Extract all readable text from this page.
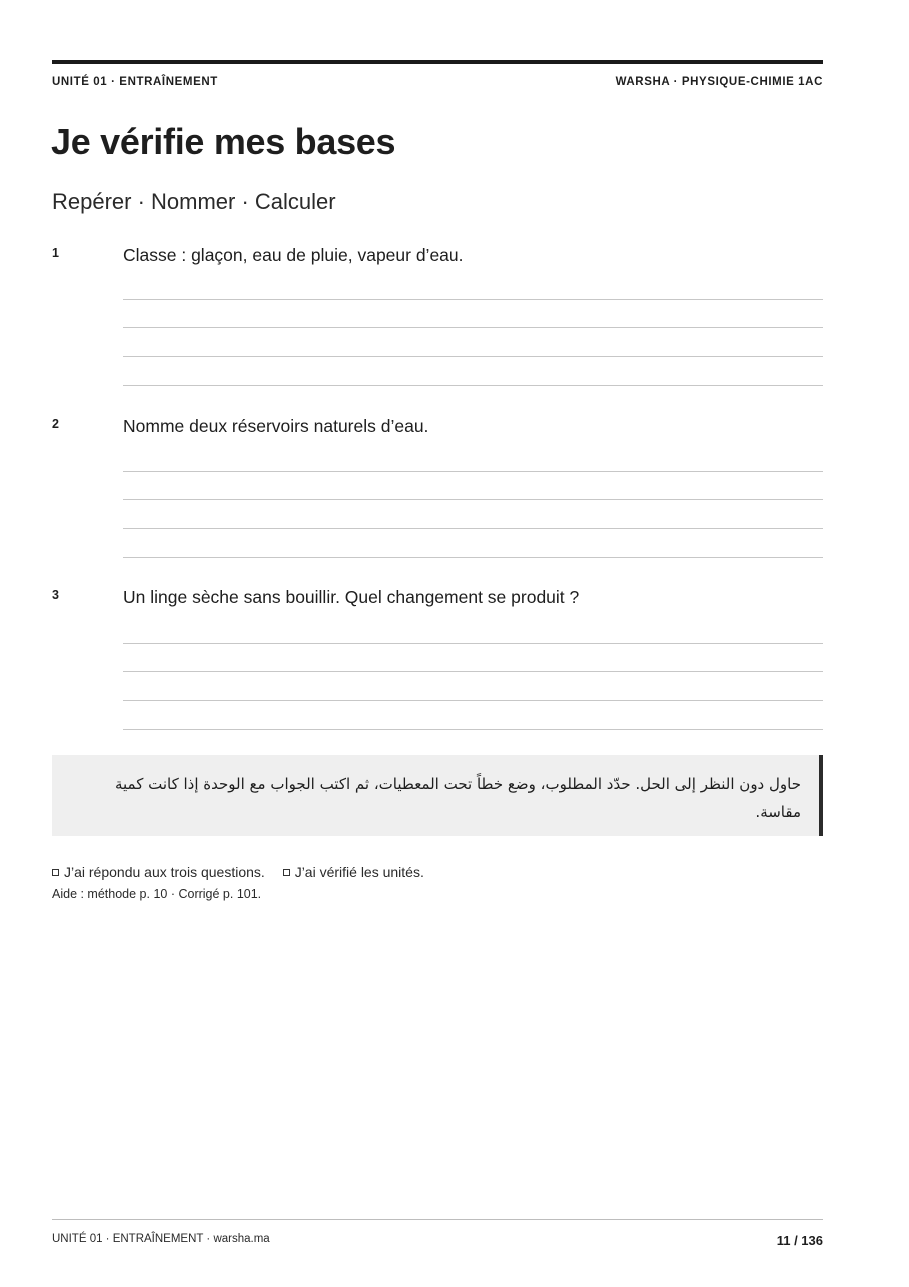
UNITÉ 01 · ENTRAÎNEMENT	WARSHA · PHYSIQUE-CHIMIE 1AC
Je vérifie mes bases
Repérer · Nommer · Calculer
1	Classe : glaçon, eau de pluie, vapeur d’eau.
2	Nomme deux réservoirs naturels d’eau.
3	Un linge sèche sans bouillir. Quel changement se produit ?
حاول دون النظر إلى الحل. حدّد المطلوب، وضع خطاً تحت المعطيات، ثم اكتب الجواب مع الوحدة إذا كانت كمية مقاسة.
J’ai répondu aux trois questions. J’ai vérifié les unités.
Aide : méthode p. 10 · Corrigé p. 101.
UNITÉ 01 · ENTRAÎNEMENT · warsha.ma	11 / 136
